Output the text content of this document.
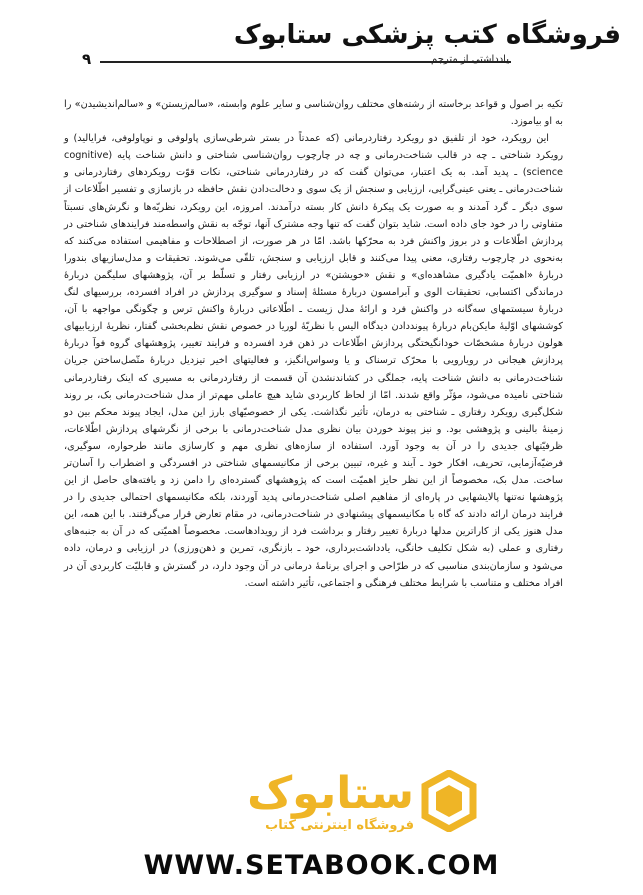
فروشگاه کتب پزشکی ستابوک
۹	یادداشتی از مترجم

تکیه بر اصول و قواعد برخاسته از رشته‌های مختلف روان‌شناسی و سایر علوم وابسته، «سالم‌زیستن» و «سالم‌اندیشیدن» را به او بیاموزد.

این رویکرد، خود از تلفیق دو رویکرد رفتاردرمانی (که عمدتاً در بستر شرطی‌سازی پاولوفی و نوپاولوفی، فرایالید) و رویکرد شناختی ـ چه در قالب شناخت‌درمانی و چه در چارچوب روان‌شناسی شناختی و دانش شناخت پایه (cognitive science) ـ پدید آمد. به یک اعتبار، می‌توان گفت که در رفتاردرمانی شناختی، نکات قوّت رویکردهای رفتاردرمانی و شناخت‌درمانی ـ یعنی عینی‌گرایی، ارزیابی و سنجش از یک سوی و دخالت‌دادن نقش حافظه در بازسازی و تفسیر اطّلاعات از سوی دیگر ـ گرد آمدند و به صورت یک پیکرهٔ دانش کار بسته درآمدند. امروزه، این رویکرد، نظریّه‌ها و نگرش‌های نسبتاً متفاوتی را در خود جای داده است. شاید بتوان گفت که تنها وجه مشترک آنها، توجّه به نقش واسطه‌مند فرایندهای شناختی در پردازش اطّلاعات و در بروز واکنش فرد به محرّکها باشد. امّا در هر صورت، از اصطلاحات و مفاهیمی استفاده می‌کنند که به‌نحوی در چارچوب رفتاری، معنی پیدا می‌کنند و قابل ارزیابی و سنجش، تلقّی می‌شوند. تحقیقات و مدل‌سازیهای بندورا دربارهٔ «اهمیّت یادگیری مشاهده‌ای» و نقش «خویشتن» در ارزیابی رفتار و تسلّط بر آن، پژوهشهای سلیگمن دربارهٔ درماندگی اکتسابی، تحقیقات الوی و آبرامسون دربارهٔ مسئلهٔ إسناد و سوگیری پردازش در افراد افسرده، بررسیهای لنگ دربارهٔ سیستمهای سه‌گانه در واکنش فرد و ارائهٔ مدل زیست ـ اطّلاعاتی دربارهٔ واکنش ترس و چگونگی مواجهه با آن، کوششهای اوّلیهٔ مایکن‌بام دربارهٔ پیونددادن دیدگاه الیس با نظریّهٔ لوریا در خصوص نقش نظم‌بخشی گفتار، نظریهٔ ارزیابیهای هولون دربارهٔ مشخصّات خودانگیختگی پردازش اطّلاعات در ذهن فرد افسرده و فرایند تغییر، پژوهشهای گروه فوآ دربارهٔ پردازش هیجانی در رویارویی با محرّک ترسناک و یا وسواس‌انگیز، و فعالیتهای اخیر تیزدیل دربارهٔ متّصل‌ساختن جریان شناخت‌درمانی به دانش شناخت پایه، جملگی در کشاندنشدن آن قسمت از رفتاردرمانی به مسیری که اینک رفتاردرمانی شناختی نامیده می‌شود، مؤثّر واقع شدند. امّا از لحاظ کاربردی شاید هیچ عاملی مهم‌تر از مدل شناخت‌درمانی بک، بر روند شکل‌گیری رویکرد رفتاری ـ شناختی به درمان، تأثیر نگذاشت. یکی از خصوصیّهای بارز این مدل، ایجاد پیوند محکم بین دو زمینهٔ بالینی و پژوهشی بود. و نیز پیوند خوردن بیان نظری مدل شناخت‌درمانی با برخی از نگرشهای پردازش اطّلاعات، ظرفیّتهای جدیدی را در آن به وجود آورد. استفاده از سازه‌های نظری مهم و کارسازی مانند طرحواره، سوگیری، فرضیّه‌آزمایی، تحریف، افکار خود ـ آیند و غیره، تبیین برخی از مکانیسمهای شناختی در افسردگی و اضطراب را آسان‌تر ساخت. مدل بک، مخصوصاً از این نظر حایز اهمیّت است که پژوهشهای گسترده‌ای را دامن زد و یافته‌های حاصل از این پژوهشها نه‌تنها پالایشهایی در پاره‌ای از مفاهیم اصلی شناخت‌درمانی پدید آوردند، بلکه مکانیسمهای احتمالی جدیدی را در فرایند درمان ارائه دادند که گاه با مکانیسمهای پیشنهادی در شناخت‌درمانی، در مقام تعارض قرار می‌گرفتند. با این همه، این مدل هنوز یکی از کاراترین مدلها دربارهٔ تغییر رفتار و برداشت فرد از رویدادهاست. مخصوصاً اهمیّتی که در آن به جنبه‌های رفتاری و عملی (به شکل تکلیف خانگی، یادداشت‌برداری، خود ـ بازنگری، تمرین و ذهن‌ورزی) در ارزیابی و درمان، داده می‌شود و سازمان‌بندی مناسبی که در طرّاحی و اجرای برنامهٔ درمانی در آن وجود دارد، در گسترش و قابلیّت کاربردی آن در افراد مختلف و متناسب با شرایط مختلف فرهنگی و اجتماعی، تأثیر داشته است.

ستابوک
فروشگاه اینترنتی کتاب
WWW.SETABOOK.COM
